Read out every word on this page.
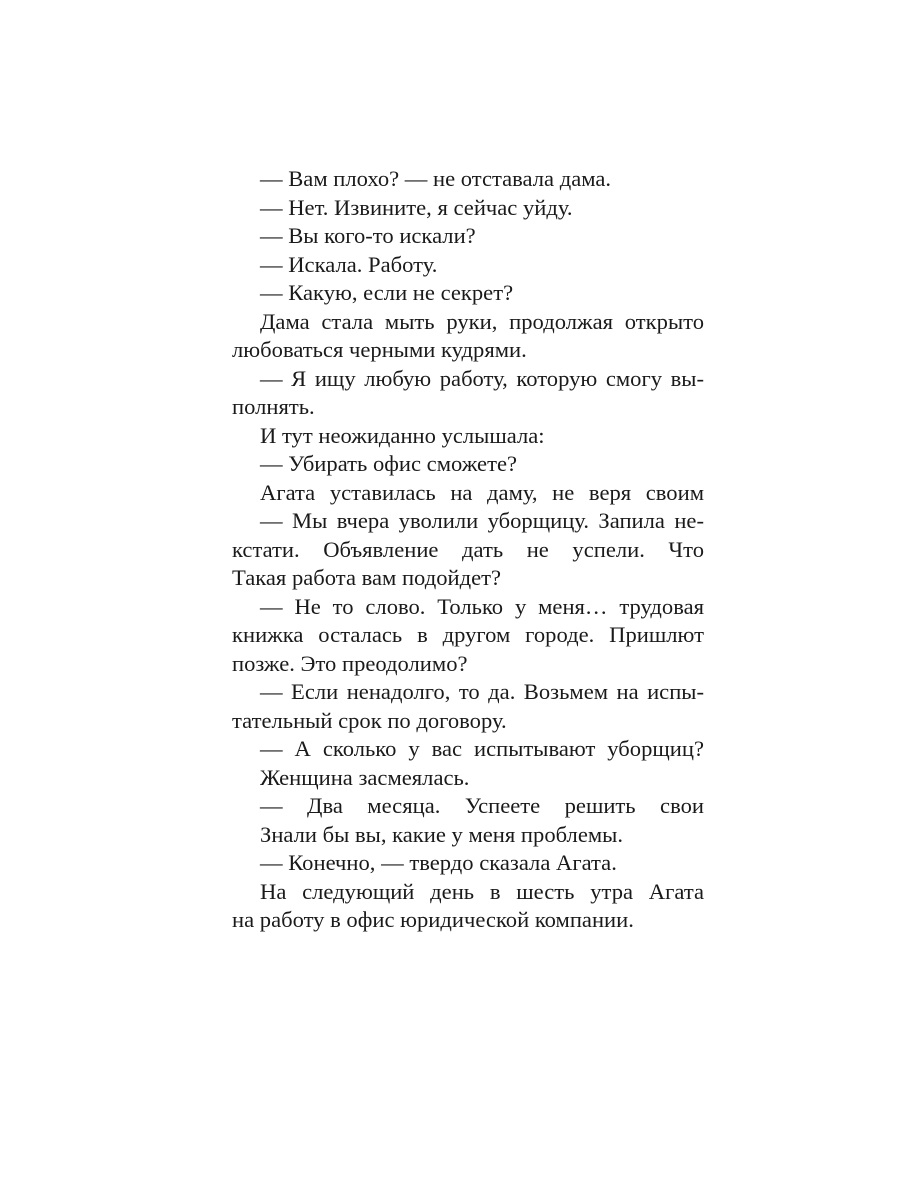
— Вам плохо? — не отставала дама.
— Нет. Извините, я сейчас уйду.
— Вы кого-то искали?
— Искала. Работу.
— Какую, если не секрет?
Дама стала мыть руки, продолжая открыто
любоваться черными кудрями.
— Я ищу любую работу, которую смогу вы-
полнять.
И тут неожиданно услышала:
— Убирать офис сможете?
Агата уставилась на даму, не веря своим
— Мы вчера уволили уборщицу. Запила не-
кстати. Объявление дать не успели. Что
Такая работа вам подойдет?
— Не то слово. Только у меня… трудовая
книжка осталась в другом городе. Пришлют
позже. Это преодолимо?
— Если ненадолго, то да. Возьмем на испы-
тательный срок по договору.
— А сколько у вас испытывают уборщиц?
Женщина засмеялась.
— Два месяца. Успеете решить свои
Знали бы вы, какие у меня проблемы.
— Конечно, — твердо сказала Агата.
На следующий день в шесть утра Агата
на работу в офис юридической компании.
